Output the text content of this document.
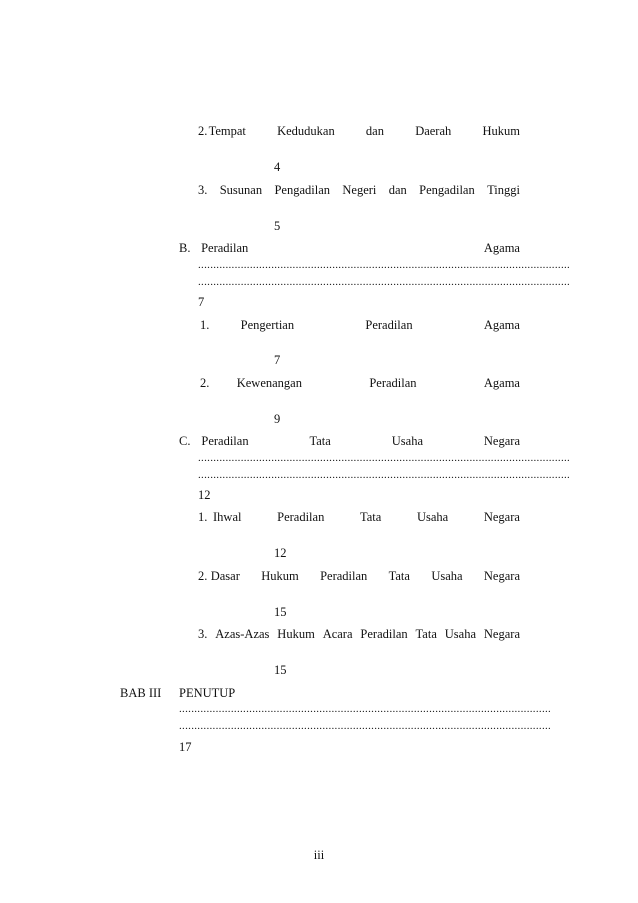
2. Tempat Kedudukan dan Daerah Hukum
4
3. Susunan Pengadilan Negeri dan Pengadilan Tinggi
5
B. Peradilan	Agama
..........................................................................................................................
..........................................................................................................................
7
1.	Pengertian	Peradilan	Agama
7
2. Kewenangan	Peradilan	Agama
9
C. Peradilan	Tata	Usaha	Negara
..........................................................................................................................
..........................................................................................................................
12
1. Ihwal	Peradilan	Tata	Usaha	Negara
12
2. Dasar Hukum Peradilan Tata Usaha Negara
15
3. Azas-Azas Hukum Acara Peradilan Tata Usaha Negara
15
BAB III PENUTUP
..........................................................................................................................
..........................................................................................................................
17
iii
